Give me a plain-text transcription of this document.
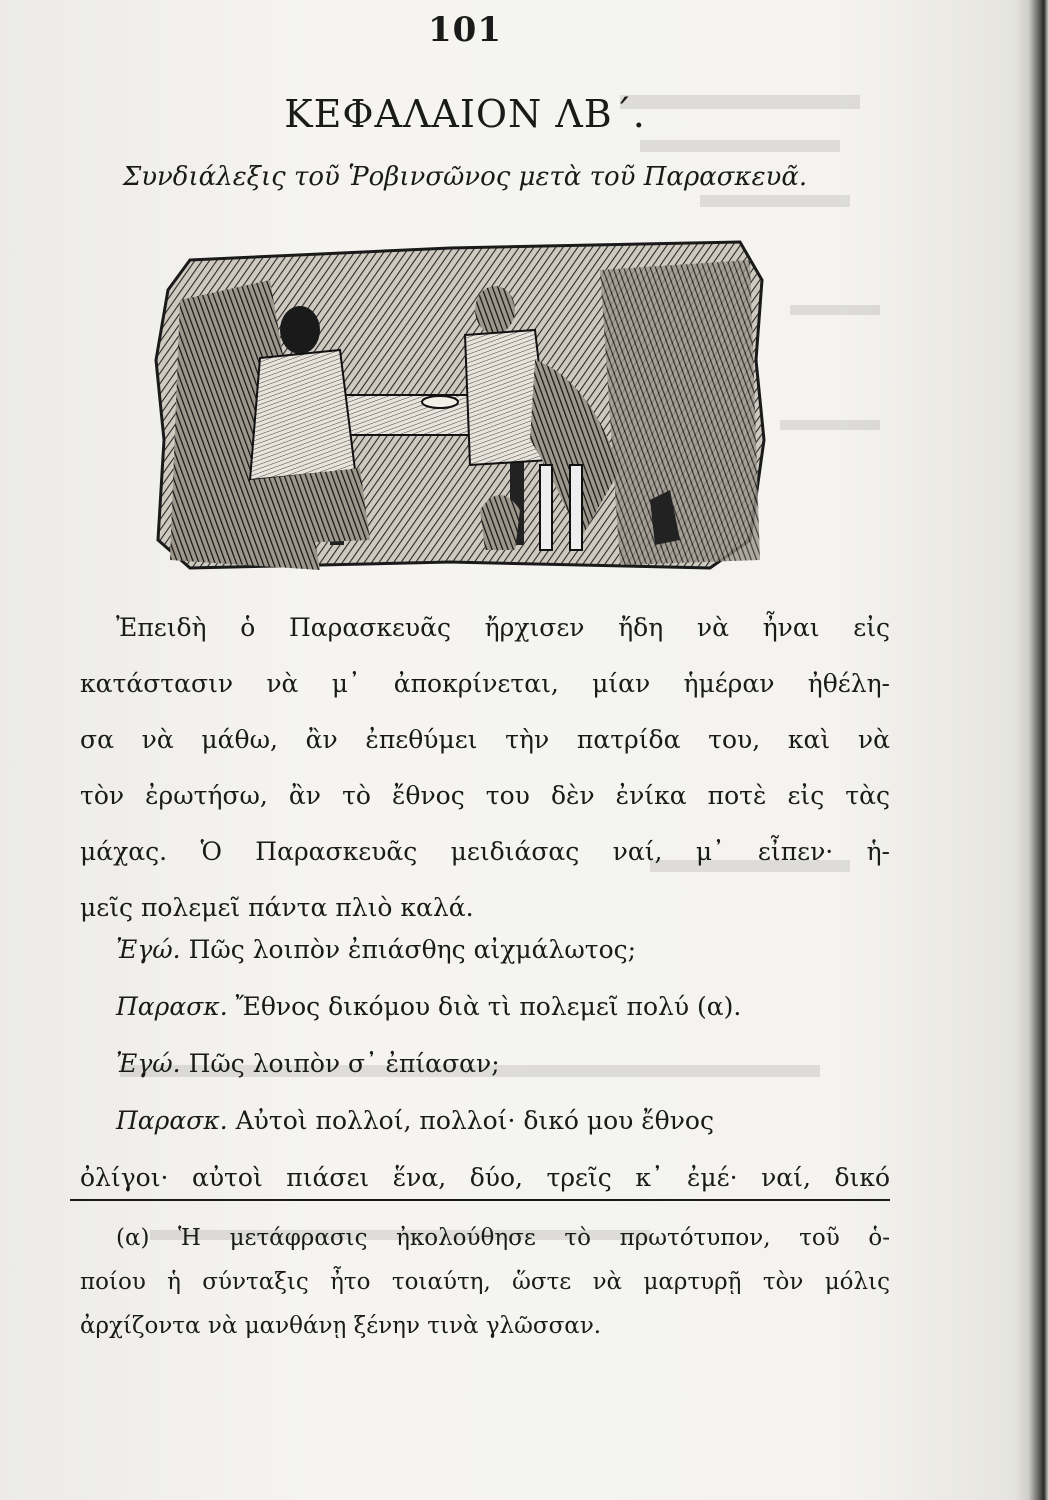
101
ΚΕΦΑΛΑΙΟΝ ΛΒ΄.
Συνδιάλεξις τοῦ Ῥοβινσῶνος μετὰ τοῦ Παρασκευᾶ.
Ἐπειδὴ ὁ Παρασκευᾶς ἤρχισεν ἤδη νὰ ἦναι εἰς
κατάστασιν νὰ μ᾽ ἀποκρίνεται, μίαν ἡμέραν ἠθέλη-
σα νὰ μάθω, ἂν ἐπεθύμει τὴν πατρίδα του, καὶ νὰ
τὸν ἐρωτήσω, ἂν τὸ ἔθνος του δὲν ἐνίκα ποτὲ εἰς τὰς
μάχας. Ὁ Παρασκευᾶς μειδιάσας ναί, μ᾽ εἶπεν· ἡ-
μεῖς πολεμεῖ πάντα πλιὸ καλά.
Ἐγώ. Πῶς λοιπὸν ἐπιάσθης αἰχμάλωτος;
Παρασκ. Ἔθνος δικόμου διὰ τὶ πολεμεῖ πολύ (α).
Ἐγώ. Πῶς λοιπὸν σ᾽ ἐπίασαν;
Παρασκ. Αὐτοὶ πολλοί, πολλοί· δικό μου ἔθνος
ὀλίγοι· αὐτοὶ πιάσει ἕνα, δύο, τρεῖς κ᾽ ἐμέ· ναί, δικό
(α) Ἡ μετάφρασις ἠκολούθησε τὸ πρωτότυπον, τοῦ ὁ-
ποίου ἡ σύνταξις ἦτο τοιαύτη, ὥστε νὰ μαρτυρῇ τὸν μόλις
ἀρχίζοντα νὰ μανθάνῃ ξένην τινὰ γλῶσσαν.
